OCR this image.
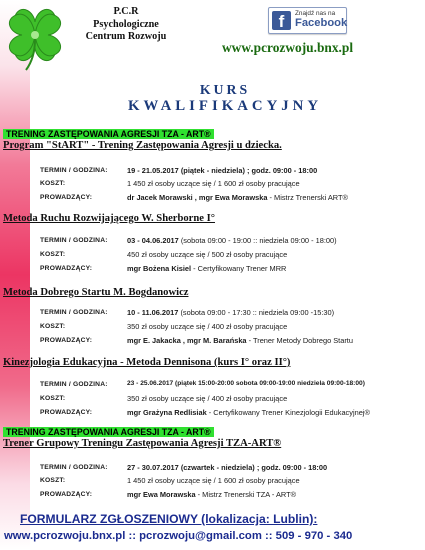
P.C.R
Psychologiczne
Centrum Rozwoju
f	Znajdź nas na
Facebook
www.pcrozwoju.bnx.pl
KURS
KWALIFIKACYJNY
TRENING ZASTĘPOWANIA AGRESJI TZA - ART®
Program "StART" - Trening Zastępowania Agresji u dziecka.
TERMIN / GODZINA:	19 - 21.05.2017 (piątek - niedziela) ; godz. 09:00 - 18:00
KOSZT:	1 450 zł osoby uczące się / 1 600 zł osoby pracujące
PROWADZĄCY:	dr Jacek Morawski , mgr Ewa Morawska - Mistrz Trenerski ART®
Metoda Ruchu Rozwijającego W. Sherborne I°
TERMIN / GODZINA:	03 - 04.06.2017 (sobota 09:00 - 19:00 :: niedziela 09:00 - 18:00)
KOSZT:	450 zł osoby uczące się / 500 zł osoby pracujące
PROWADZĄCY:	mgr Bożena Kisiel - Certyfikowany Trener MRR
Metoda Dobrego Startu M. Bogdanowicz
TERMIN / GODZINA:	10 - 11.06.2017 (sobota 09:00 - 17:30 :: niedziela 09:00 -15:30)
KOSZT:	350 zł osoby uczące się / 400 zł osoby pracujące
PROWADZĄCY:	mgr E. Jakacka , mgr M. Barańska - Trener Metody Dobrego Startu
Kinezjologia Edukacyjna - Metoda Dennisona (kurs I° oraz II°)
TERMIN / GODZINA:	23 - 25.06.2017 (piątek 15:00-20:00 sobota 09:00-19:00 niedziela 09:00-18:00)
KOSZT:	350 zł osoby uczące się / 400 zł osoby pracujące
PROWADZĄCY:	mgr Grażyna Redlisiak - Certyfikowany Trener Kinezjologii Edukacyjnej®
TRENING ZASTĘPOWANIA AGRESJI TZA - ART®
Trener Grupowy Treningu Zastępowania Agresji TZA-ART®
TERMIN / GODZINA:	27 - 30.07.2017 (czwartek - niedziela) ; godz. 09:00 - 18:00
KOSZT:	1 450 zł osoby uczące się / 1 600 zł osoby pracujące
PROWADZĄCY:	mgr Ewa Morawska - Mistrz Trenerski TZA - ART®
FORMULARZ ZGŁOSZENIOWY (lokalizacja: Lublin):
www.pcrozwoju.bnx.pl :: pcrozwoju@gmail.com :: 509 - 970 - 340
